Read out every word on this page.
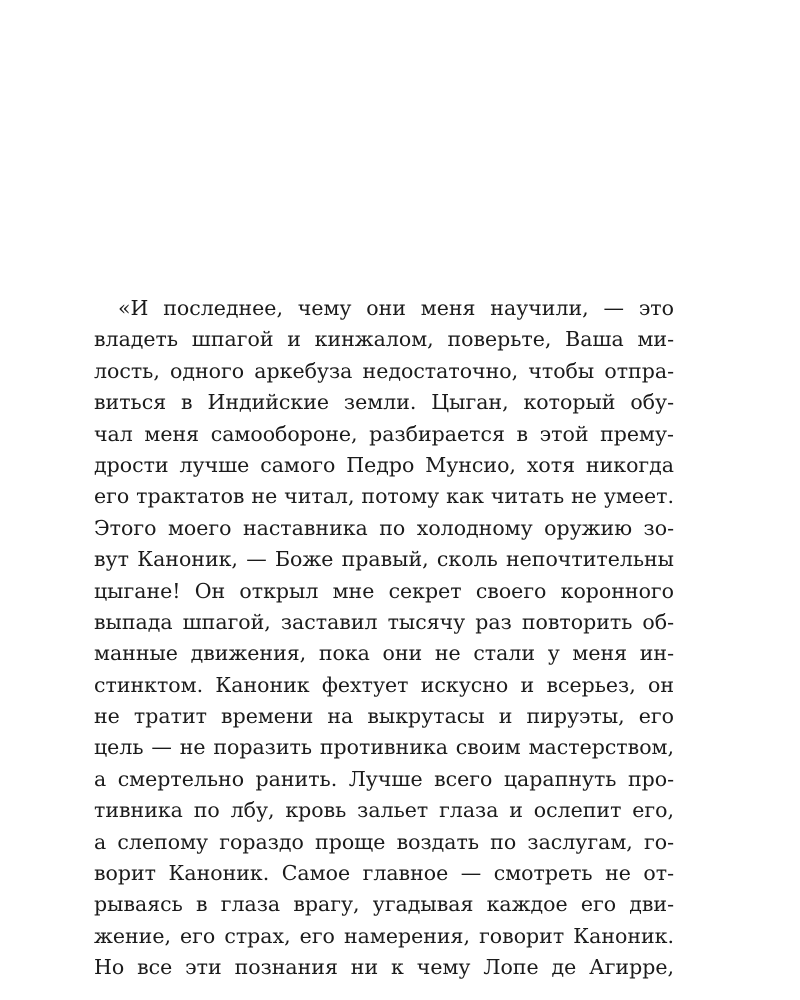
«И последнее, чему они меня научили, — это
владеть шпагой и кинжалом, поверьте, Ваша ми-
лость, одного аркебуза недостаточно, чтобы отпра-
виться в Индийские земли. Цыган, который обу-
чал меня самообороне, разбирается в этой прему-
дрости лучше самого Педро Мунсио, хотя никогда
его трактатов не читал, потому как читать не умеет.
Этого моего наставника по холодному оружию зо-
вут Каноник, — Боже правый, сколь непочтительны
цыгане! Он открыл мне секрет своего коронного
выпада шпагой, заставил тысячу раз повторить об-
манные движения, пока они не стали у меня ин-
стинктом. Каноник фехтует искусно и всерьез, он
не тратит времени на выкрутасы и пируэты, его
цель — не поразить противника своим мастерством,
а смертельно ранить. Лучше всего царапнуть про-
тивника по лбу, кровь зальет глаза и ослепит его,
а слепому гораздо проще воздать по заслугам, го-
ворит Каноник. Самое главное — смотреть не от-
рываясь в глаза врагу, угадывая каждое его дви-
жение, его страх, его намерения, говорит Каноник.
Но все эти познания ни к чему Лопе де Агирре,
